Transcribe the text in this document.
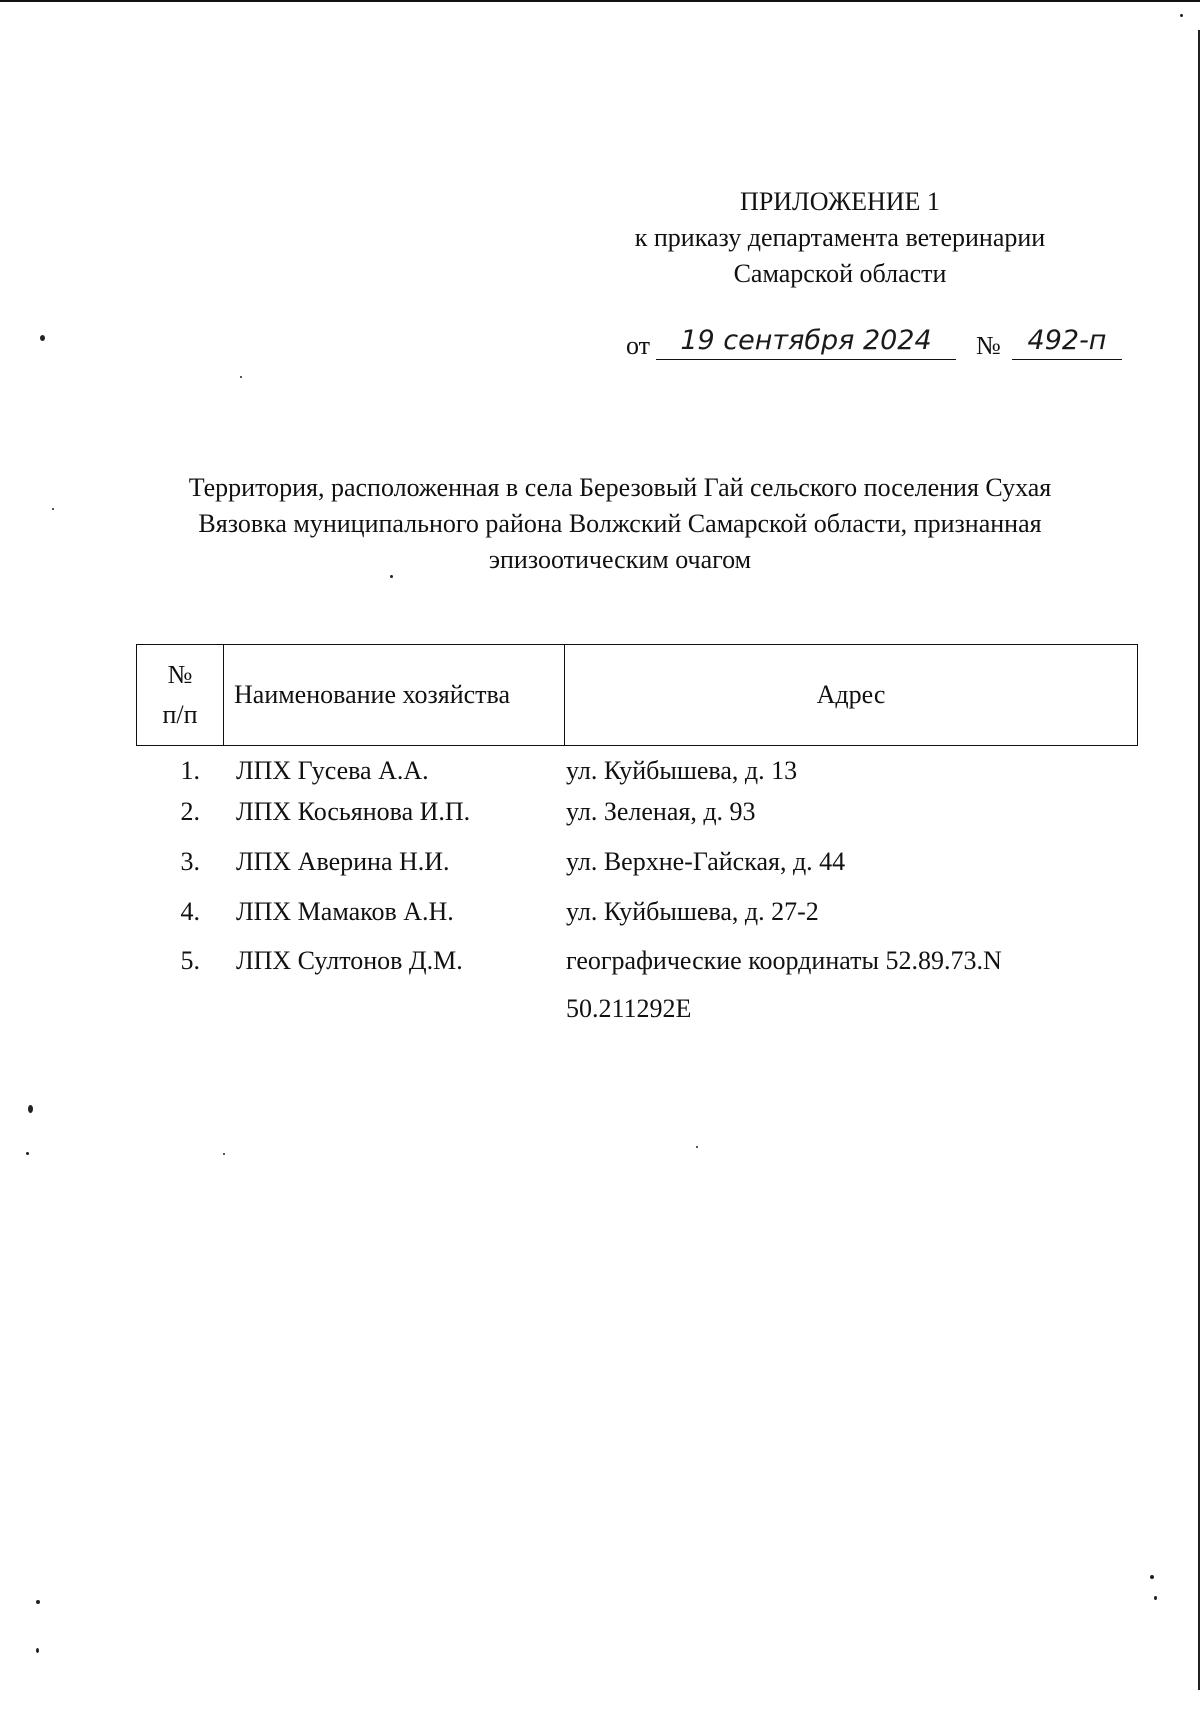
ПРИЛОЖЕНИЕ 1
к приказу департамента ветеринарии
Самарской области
от	19 сентября 2024	№ 492-п
Территория, расположенная в села Березовый Гай сельского поселения Сухая
Вязовка муниципального района Волжский Самарской области, признанная
эпизоотическим очагом
№
п/п
	Наименование хозяйства	Адрес
1. ЛПХ Гусева А.А.	ул. Куйбышева, д. 13
2. ЛПХ Косьянова И.П.	ул. Зеленая, д. 93
3. ЛПХ Аверина Н.И.	ул. Верхне-Гайская, д. 44
4. ЛПХ Мамаков А.Н.	ул. Куйбышева, д. 27-2
5. ЛПХ Султонов Д.М.	географические координаты 52.89.73.N
50.211292E
